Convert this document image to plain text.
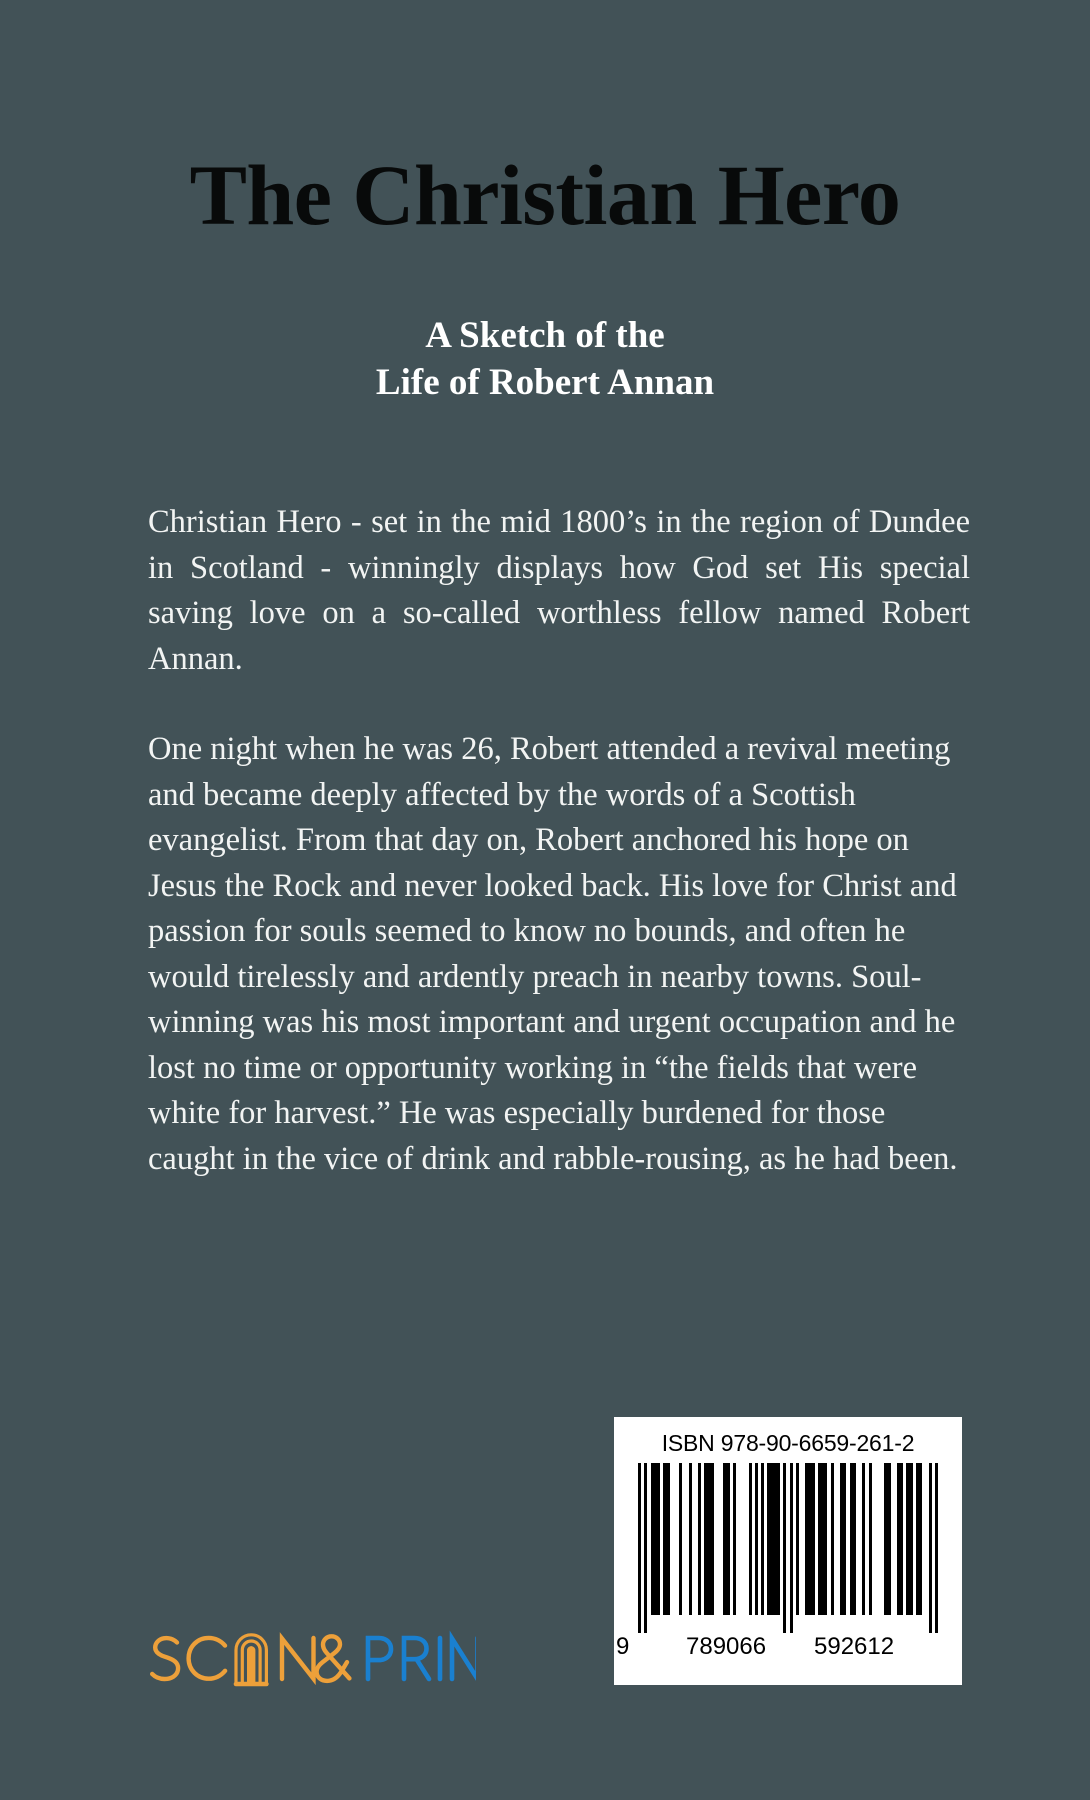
The Christian Hero
A Sketch of the
Life of Robert Annan

Christian Hero - set in the mid 1800’s in the region of Dundee in Scotland - winningly displays how God set His special saving love on a so-called worthless fellow named Robert Annan.

One night when he was 26, Robert attended a revival meeting and became deeply affected by the words of a Scottish evangelist. From that day on, Robert anchored his hope on Jesus the Rock and never looked back. His love for Christ and passion for souls seemed to know no bounds, and often he would tirelessly and ardently preach in nearby towns. Soul-winning was his most important and urgent occupation and he lost no time or opportunity working in “the fields that were white for harvest.” He was especially burdened for those caught in the vice of drink and rabble-rousing, as he had been.

ISBN 978-90-6659-261-2
9 789066 592612
